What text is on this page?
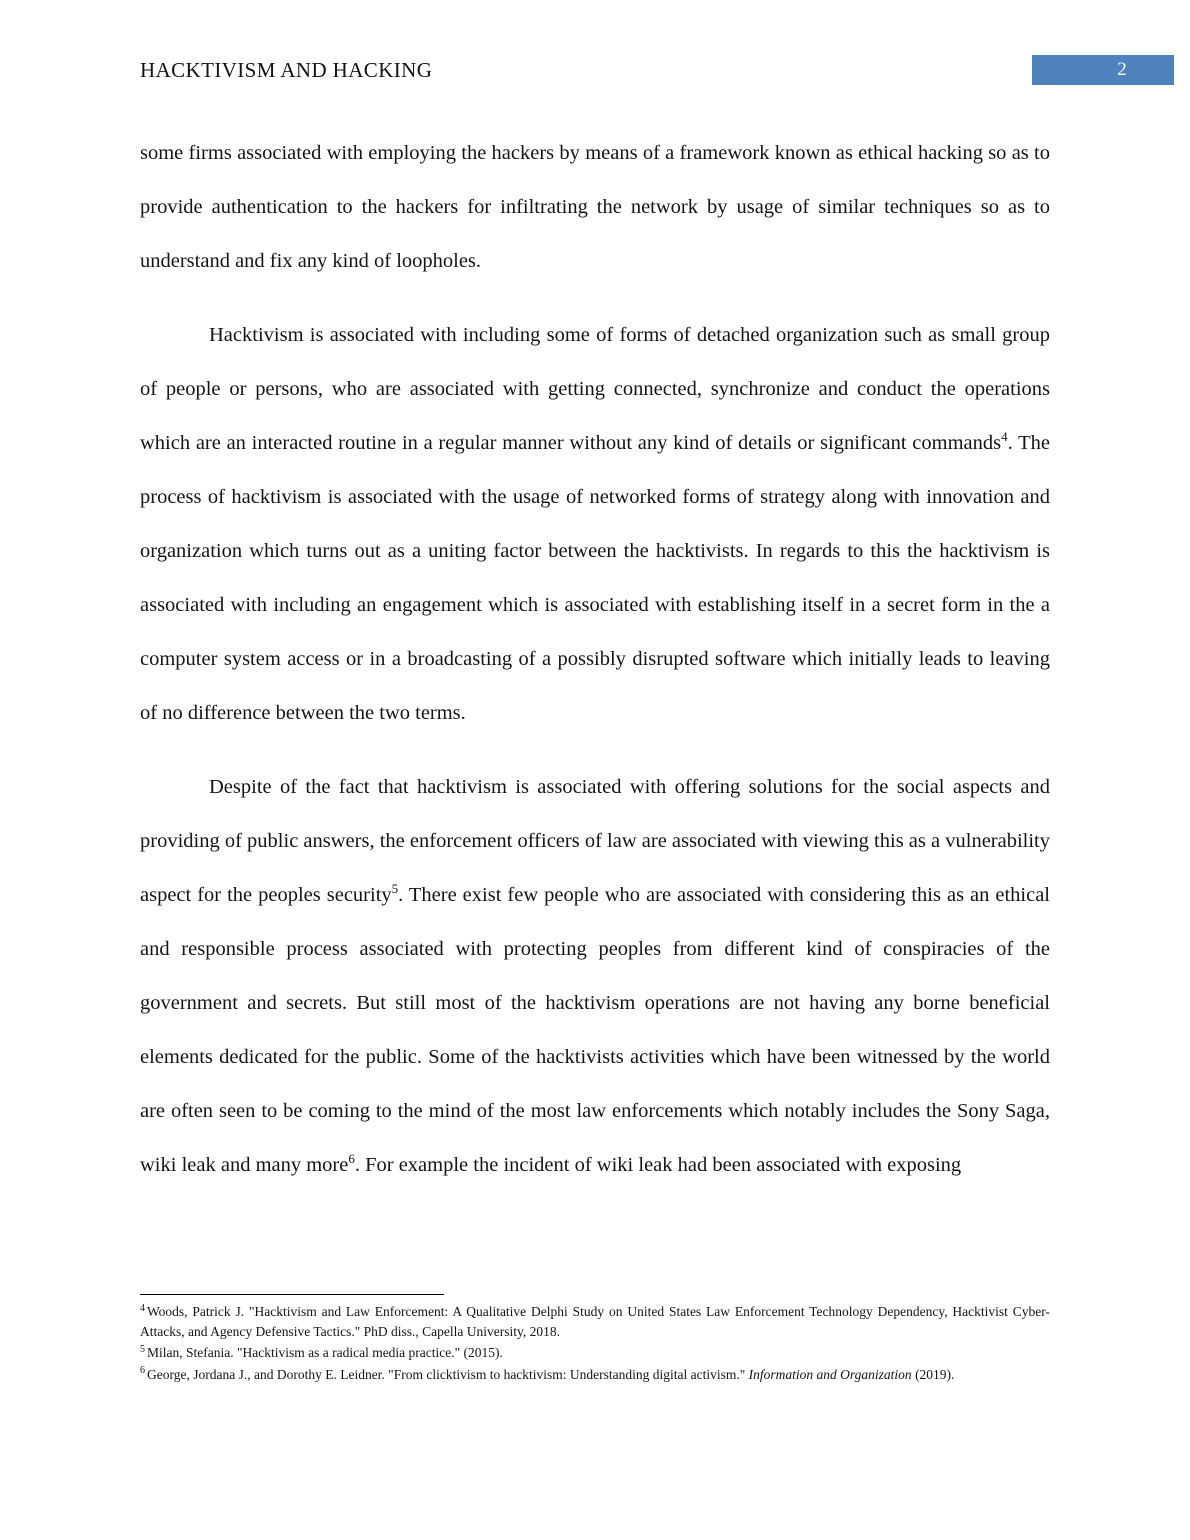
HACKTIVISM AND HACKING	2

some firms associated with employing the hackers by means of a framework known as ethical hacking so as to provide authentication to the hackers for infiltrating the network by usage of similar techniques so as to understand and fix any kind of loopholes.

Hacktivism is associated with including some of forms of detached organization such as small group of people or persons, who are associated with getting connected, synchronize and conduct the operations which are an interacted routine in a regular manner without any kind of details or significant commands$^4$. The process of hacktivism is associated with the usage of networked forms of strategy along with innovation and organization which turns out as a uniting factor between the hacktivists. In regards to this the hacktivism is associated with including an engagement which is associated with establishing itself in a secret form in the a computer system access or in a broadcasting of a possibly disrupted software which initially leads to leaving of no difference between the two terms.

Despite of the fact that hacktivism is associated with offering solutions for the social aspects and providing of public answers, the enforcement officers of law are associated with viewing this as a vulnerability aspect for the peoples security$^5$. There exist few people who are associated with considering this as an ethical and responsible process associated with protecting peoples from different kind of conspiracies of the government and secrets. But still most of the hacktivism operations are not having any borne beneficial elements dedicated for the public. Some of the hacktivists activities which have been witnessed by the world are often seen to be coming to the mind of the most law enforcements which notably includes the Sony Saga, wiki leak and many more$^6$. For example the incident of wiki leak had been associated with exposing

$^4$ Woods, Patrick J. "Hacktivism and Law Enforcement: A Qualitative Delphi Study on United States Law Enforcement Technology Dependency, Hacktivist Cyber-Attacks, and Agency Defensive Tactics." PhD diss., Capella University, 2018.

$^5$ Milan, Stefania. "Hacktivism as a radical media practice." (2015).

$^6$ George, Jordana J., and Dorothy E. Leidner. "From clicktivism to hacktivism: Understanding digital activism." Information and Organization (2019).
